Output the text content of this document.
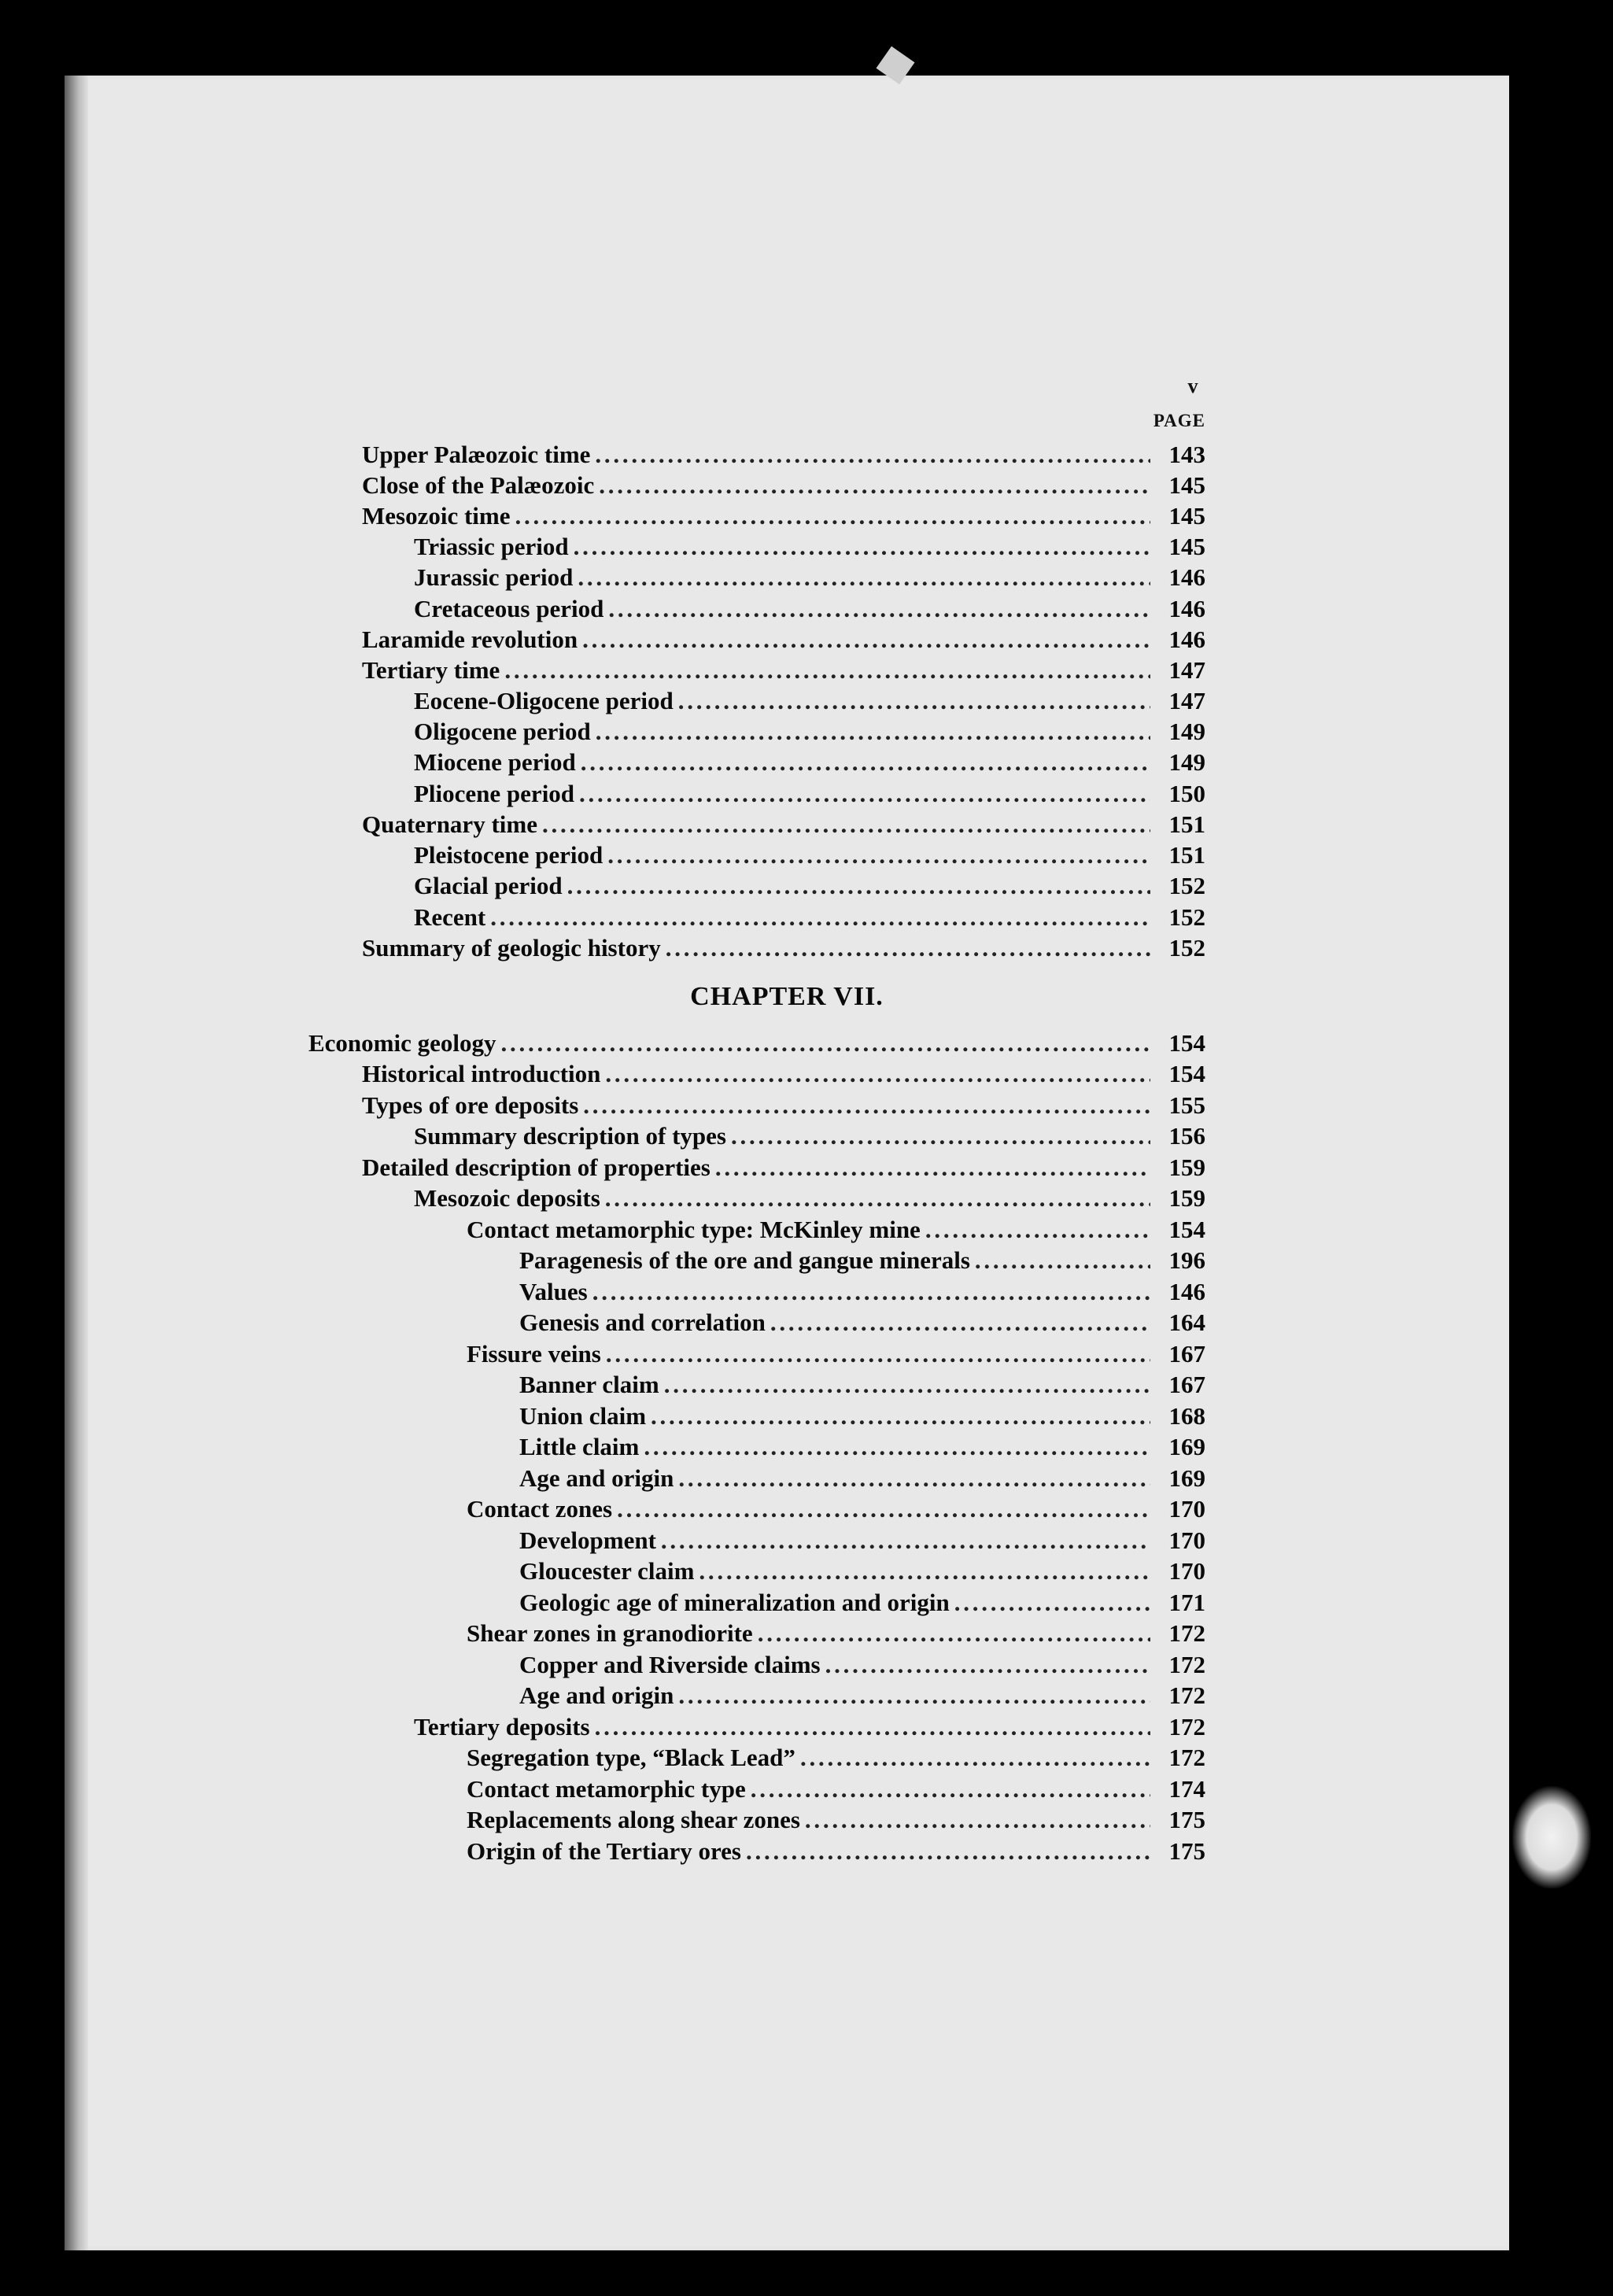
v
PAGE
CHAPTER VII.
Upper Palæozoic time . . .	143
Close of the Palæozoic . . .	145
Mesozoic time . . .	145
Triassic period . . .	145
Jurassic period . . .	146
Cretaceous period . . .	146
Laramide revolution . . .	146
Tertiary time . . .	147
Eocene-Oligocene period . . .	147
Oligocene period . . .	149
Miocene period . . .	149
Pliocene period . . .	150
Quaternary time . . .	151
Pleistocene period . . .	151
Glacial period . . .	152
Recent . . .	152
Summary of geologic history . . .	152
Economic geology . . .	154
Historical introduction . . .	154
Types of ore deposits . . .	155
Summary description of types . . .	156
Detailed description of properties . . .	159
Mesozoic deposits . . .	159
Contact metamorphic type: McKinley mine . . .	154
Paragenesis of the ore and gangue minerals . . .	196
Values . . .	146
Genesis and correlation . . .	164
Fissure veins . . .	167
Banner claim . . .	167
Union claim . . .	168
Little claim . . .	169
Age and origin . . .	169
Contact zones . . .	170
Development . . .	170
Gloucester claim . . .	170
Geologic age of mineralization and origin . . .	171
Shear zones in granodiorite . . .	172
Copper and Riverside claims . . .	172
Age and origin . . .	172
Tertiary deposits . . .	172
Segregation type, “Black Lead” . . .	172
Contact metamorphic type . . .	174
Replacements along shear zones . . .	175
Origin of the Tertiary ores . . .	175
